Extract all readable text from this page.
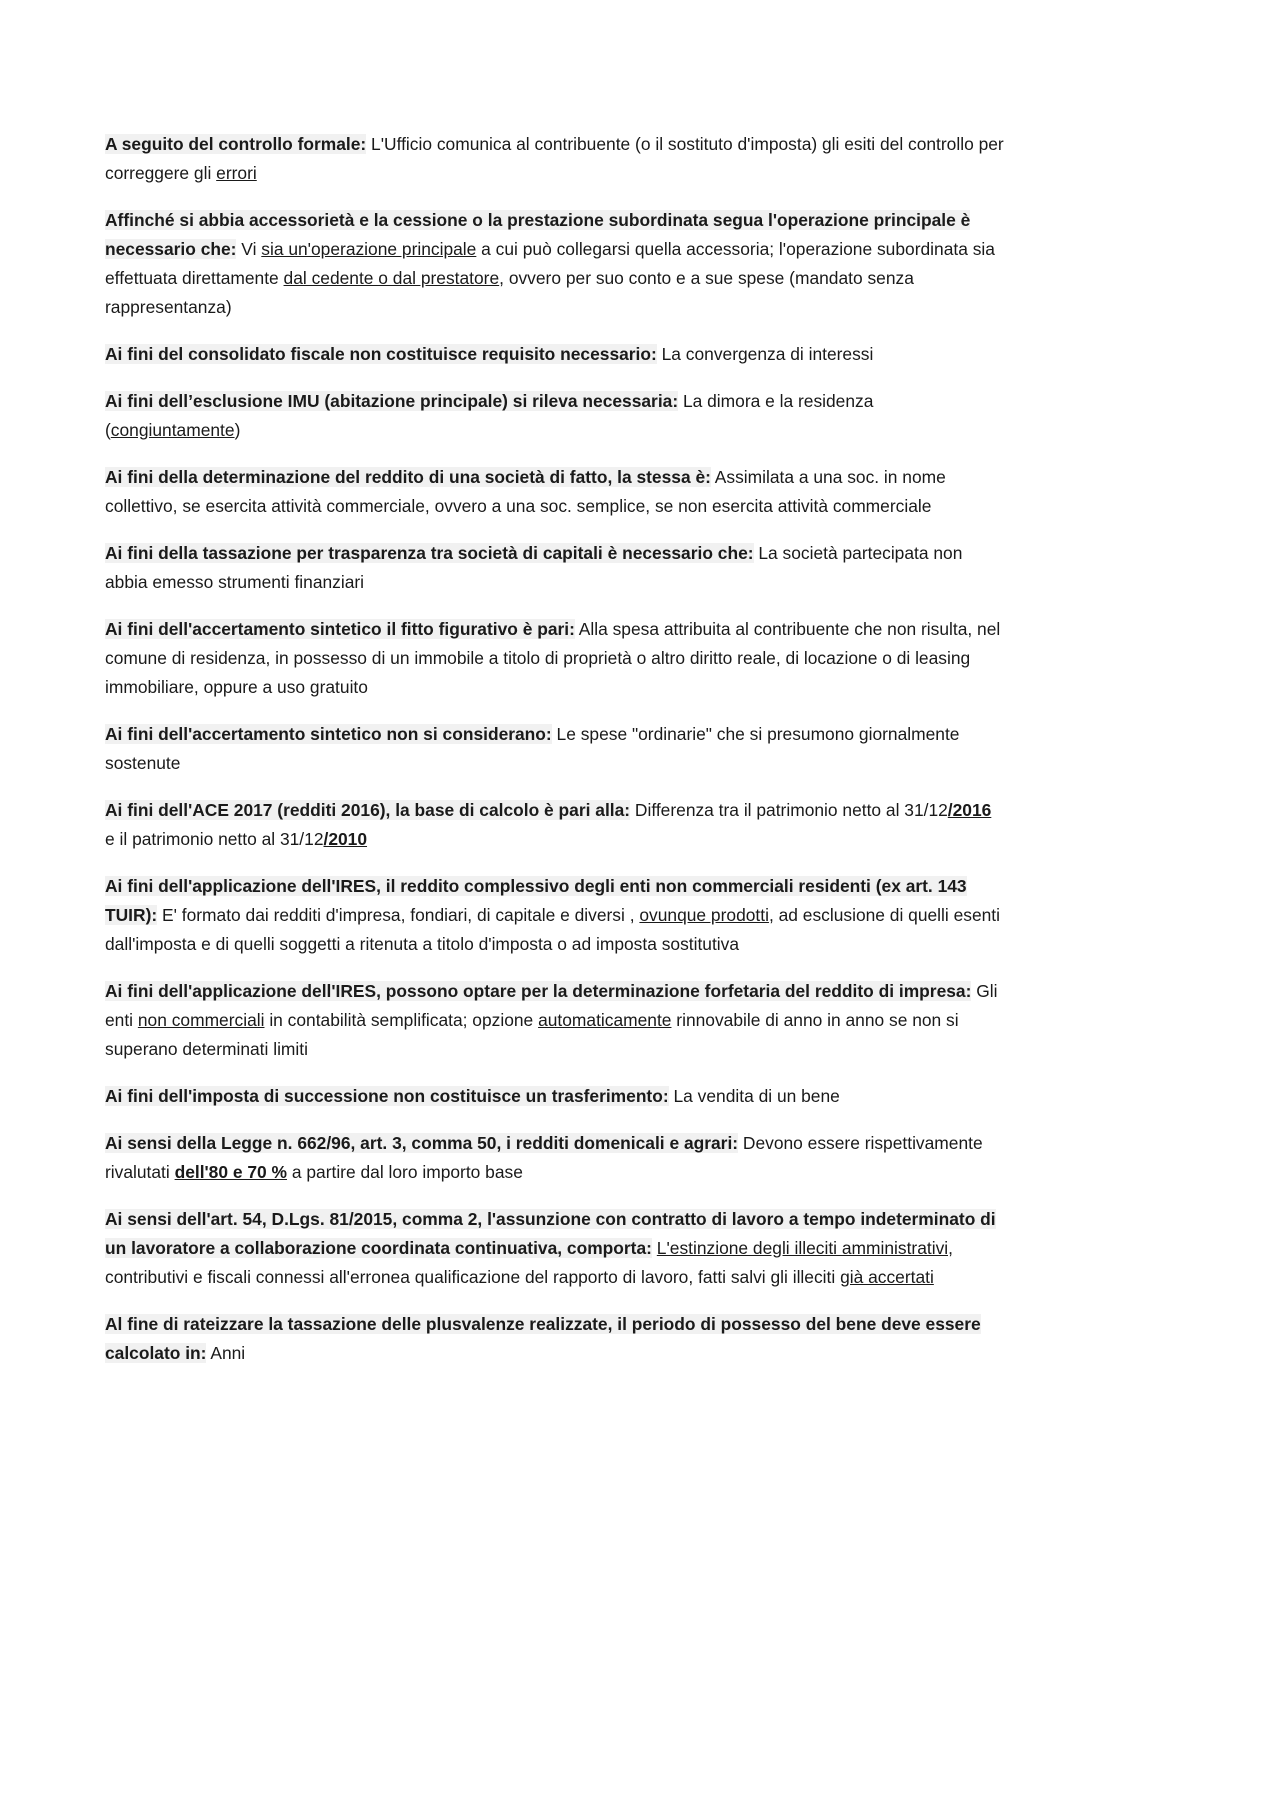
A seguito del controllo formale: L'Ufficio comunica al contribuente (o il sostituto d'imposta) gli esiti del controllo per correggere gli errori

Affinché si abbia accessorietà e la cessione o la prestazione subordinata segua l'operazione principale è necessario che: Vi sia un'operazione principale a cui può collegarsi quella accessoria; l'operazione subordinata sia effettuata direttamente dal cedente o dal prestatore, ovvero per suo conto e a sue spese (mandato senza rappresentanza)

Ai fini del consolidato fiscale non costituisce requisito necessario: La convergenza di interessi

Ai fini dell’esclusione IMU (abitazione principale) si rileva necessaria: La dimora e la residenza (congiuntamente)

Ai fini della determinazione del reddito di una società di fatto, la stessa è: Assimilata a una soc. in nome collettivo, se esercita attività commerciale, ovvero a una soc. semplice, se non esercita attività commerciale

Ai fini della tassazione per trasparenza tra società di capitali è necessario che: La società partecipata non abbia emesso strumenti finanziari

Ai fini dell'accertamento sintetico il fitto figurativo è pari: Alla spesa attribuita al contribuente che non risulta, nel comune di residenza, in possesso di un immobile a titolo di proprietà o altro diritto reale, di locazione o di leasing immobiliare, oppure a uso gratuito

Ai fini dell'accertamento sintetico non si considerano: Le spese "ordinarie" che si presumono giornalmente sostenute

Ai fini dell'ACE 2017 (redditi 2016), la base di calcolo è pari alla: Differenza tra il patrimonio netto al 31/12/2016 e il patrimonio netto al 31/12/2010

Ai fini dell'applicazione dell'IRES, il reddito complessivo degli enti non commerciali residenti (ex art. 143 TUIR): E' formato dai redditi d'impresa, fondiari, di capitale e diversi , ovunque prodotti, ad esclusione di quelli esenti dall'imposta e di quelli soggetti a ritenuta a titolo d'imposta o ad imposta sostitutiva

Ai fini dell'applicazione dell'IRES, possono optare per la determinazione forfetaria del reddito di impresa: Gli enti non commerciali in contabilità semplificata; opzione automaticamente rinnovabile di anno in anno se non si superano determinati limiti

Ai fini dell'imposta di successione non costituisce un trasferimento: La vendita di un bene

Ai sensi della Legge n. 662/96, art. 3, comma 50, i redditi domenicali e agrari: Devono essere rispettivamente rivalutati dell'80 e 70 % a partire dal loro importo base

Ai sensi dell'art. 54, D.Lgs. 81/2015, comma 2, l'assunzione con contratto di lavoro a tempo indeterminato di un lavoratore a collaborazione coordinata continuativa, comporta: L'estinzione degli illeciti amministrativi, contributivi e fiscali connessi all'erronea qualificazione del rapporto di lavoro, fatti salvi gli illeciti già accertati

Al fine di rateizzare la tassazione delle plusvalenze realizzate, il periodo di possesso del bene deve essere calcolato in: Anni
